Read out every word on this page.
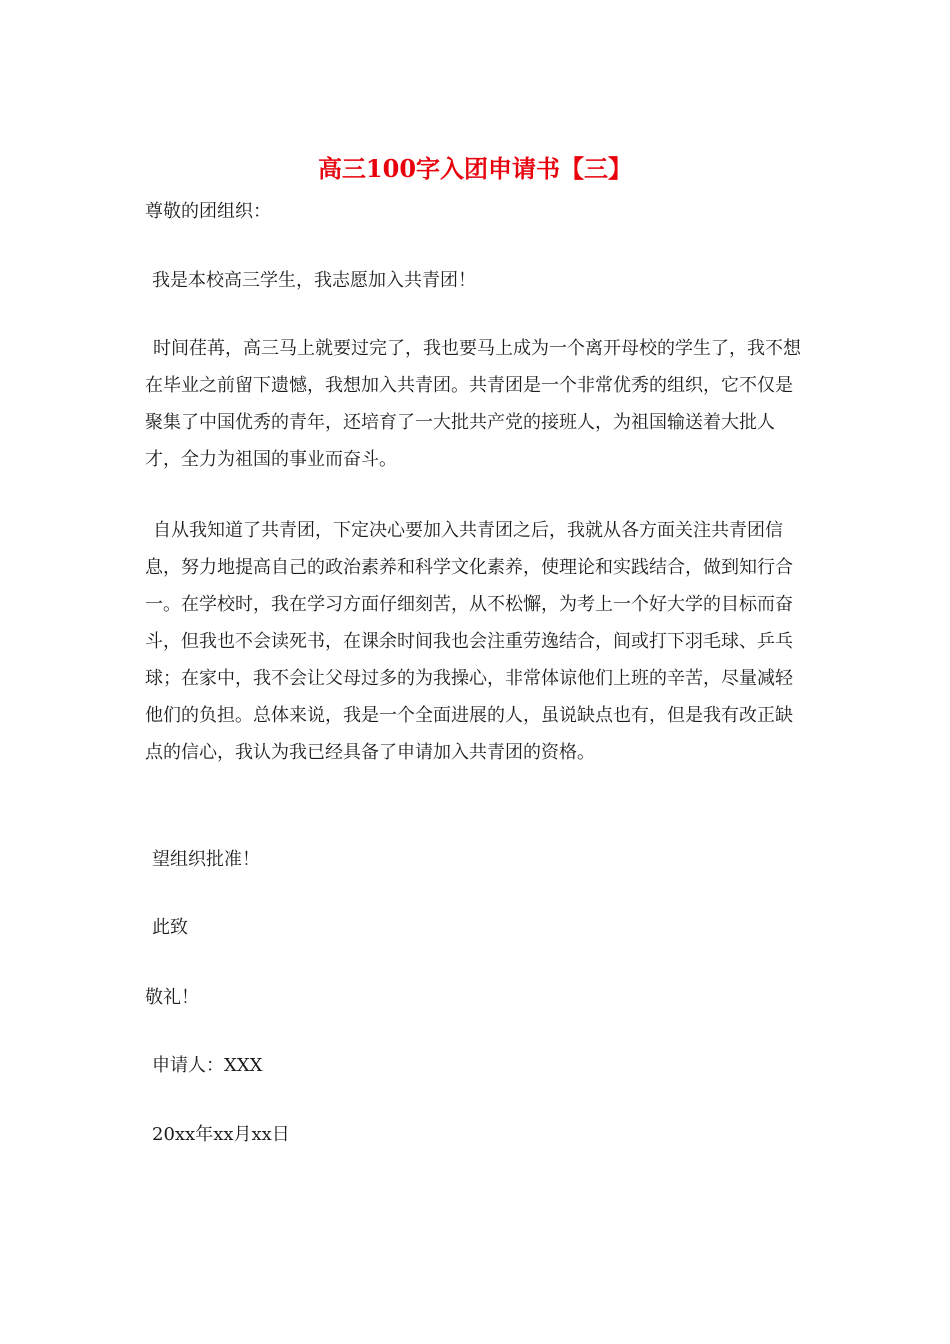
高三100字入团申请书【三】

尊敬的团组织：

我是本校高三学生，我志愿加入共青团！

时间荏苒，高三马上就要过完了，我也要马上成为一个离开母校的学生了，我不想在毕业之前留下遗憾，我想加入共青团。共青团是一个非常优秀的组织，它不仅是聚集了中国优秀的青年，还培育了一大批共产党的接班人，为祖国输送着大批人才，全力为祖国的事业而奋斗。

自从我知道了共青团，下定决心要加入共青团之后，我就从各方面关注共青团信息，努力地提高自己的政治素养和科学文化素养，使理论和实践结合，做到知行合一。在学校时，我在学习方面仔细刻苦，从不松懈，为考上一个好大学的目标而奋斗，但我也不会读死书，在课余时间我也会注重劳逸结合，间或打下羽毛球、乒乓球；在家中，我不会让父母过多的为我操心，非常体谅他们上班的辛苦，尽量减轻他们的负担。总体来说，我是一个全面进展的人，虽说缺点也有，但是我有改正缺点的信心，我认为我已经具备了申请加入共青团的资格。

望组织批准！

此致

敬礼！

申请人：XXX

20xx年xx月xx日
